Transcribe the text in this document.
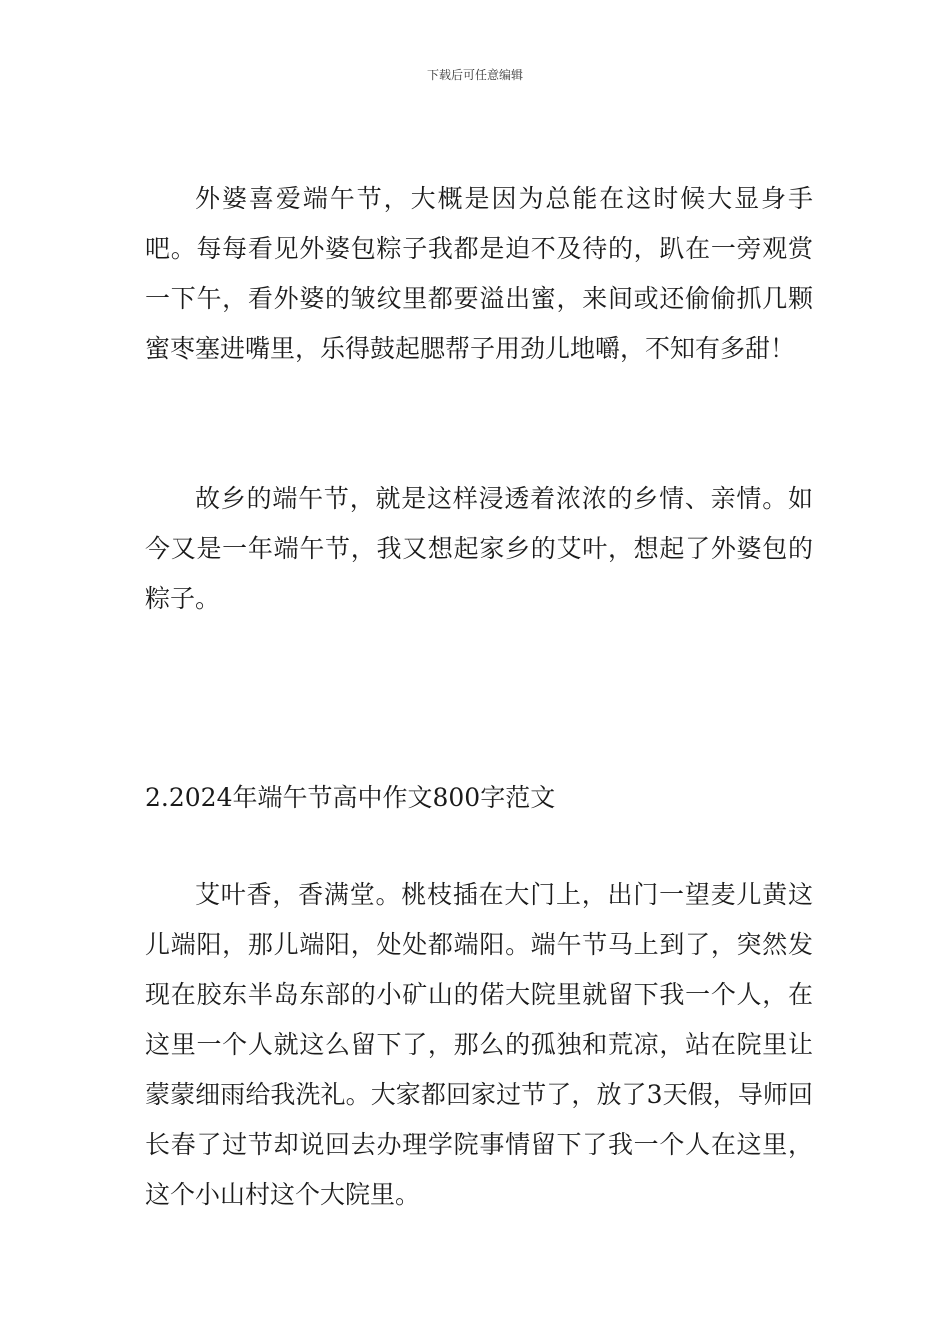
下载后可任意编辑

外婆喜爱端午节，大概是因为总能在这时候大显身手吧。每每看见外婆包粽子我都是迫不及待的，趴在一旁观赏一下午，看外婆的皱纹里都要溢出蜜，来间或还偷偷抓几颗蜜枣塞进嘴里，乐得鼓起腮帮子用劲儿地嚼，不知有多甜！

故乡的端午节，就是这样浸透着浓浓的乡情、亲情。如今又是一年端午节，我又想起家乡的艾叶，想起了外婆包的粽子。

2.2024年端午节高中作文800字范文

艾叶香，香满堂。桃枝插在大门上，出门一望麦儿黄这儿端阳，那儿端阳，处处都端阳。端午节马上到了，突然发现在胶东半岛东部的小矿山的偌大院里就留下我一个人，在这里一个人就这么留下了，那么的孤独和荒凉，站在院里让蒙蒙细雨给我洗礼。大家都回家过节了，放了3天假，导师回长春了过节却说回去办理学院事情留下了我一个人在这里，这个小山村这个大院里。
